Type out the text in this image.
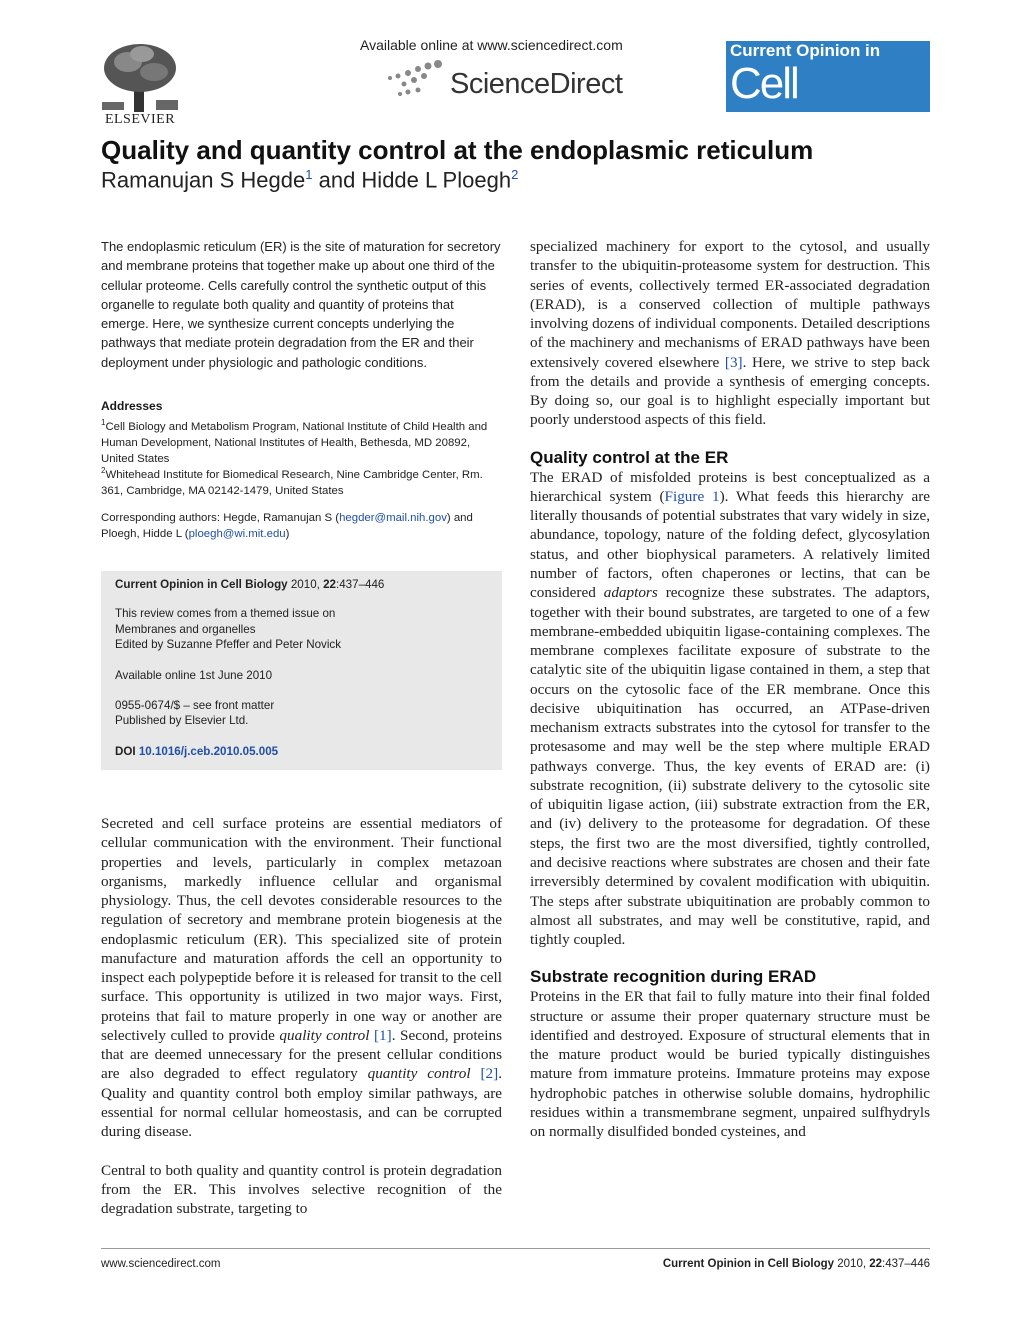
ELSEVIER
Available online at www.sciencedirect.com
ScienceDirect
Current Opinion in
Cell Biology
Quality and quantity control at the endoplasmic reticulum
Ramanujan S Hegde$^1$ and Hidde L Ploegh$^2$
The endoplasmic reticulum (ER) is the site of maturation for secretory and membrane proteins that together make up about one third of the cellular proteome. Cells carefully control the synthetic output of this organelle to regulate both quality and quantity of proteins that emerge. Here, we synthesize current concepts underlying the pathways that mediate protein degradation from the ER and their deployment under physiologic and pathologic conditions.
Addresses
$^1$Cell Biology and Metabolism Program, National Institute of Child Health and Human Development, National Institutes of Health, Bethesda, MD 20892, United States
$^2$Whitehead Institute for Biomedical Research, Nine Cambridge Center, Rm. 361, Cambridge, MA 02142-1479, United States
Corresponding authors: Hegde, Ramanujan S (hegder@mail.nih.gov) and Ploegh, Hidde L (ploegh@wi.mit.edu)
Current Opinion in Cell Biology 2010, 22:437–446
This review comes from a themed issue on
Membranes and organelles
Edited by Suzanne Pfeffer and Peter Novick
Available online 1st June 2010
0955-0674/$ – see front matter
Published by Elsevier Ltd.
DOI 10.1016/j.ceb.2010.05.005

Secreted and cell surface proteins are essential mediators of cellular communication with the environment. Their functional properties and levels, particularly in complex metazoan organisms, markedly influence cellular and organismal physiology. Thus, the cell devotes considerable resources to the regulation of secretory and membrane protein biogenesis at the endoplasmic reticulum (ER). This specialized site of protein manufacture and maturation affords the cell an opportunity to inspect each polypeptide before it is released for transit to the cell surface. This opportunity is utilized in two major ways. First, proteins that fail to mature properly in one way or another are selectively culled to provide quality control [1]. Second, proteins that are deemed unnecessary for the present cellular conditions are also degraded to effect regulatory quantity control [2]. Quality and quantity control both employ similar pathways, are essential for normal cellular homeostasis, and can be corrupted during disease.

Central to both quality and quantity control is protein degradation from the ER. This involves selective recognition of the degradation substrate, targeting to

specialized machinery for export to the cytosol, and usually transfer to the ubiquitin-proteasome system for destruction. This series of events, collectively termed ER-associated degradation (ERAD), is a conserved collection of multiple pathways involving dozens of individual components. Detailed descriptions of the machinery and mechanisms of ERAD pathways have been extensively covered elsewhere [3]. Here, we strive to step back from the details and provide a synthesis of emerging concepts. By doing so, our goal is to highlight especially important but poorly understood aspects of this field.

Quality control at the ER

The ERAD of misfolded proteins is best conceptualized as a hierarchical system (Figure 1). What feeds this hierarchy are literally thousands of potential substrates that vary widely in size, abundance, topology, nature of the folding defect, glycosylation status, and other biophysical parameters. A relatively limited number of factors, often chaperones or lectins, that can be considered adaptors recognize these substrates. The adaptors, together with their bound substrates, are targeted to one of a few membrane-embedded ubiquitin ligase-containing complexes. The membrane complexes facilitate exposure of substrate to the catalytic site of the ubiquitin ligase contained in them, a step that occurs on the cytosolic face of the ER membrane. Once this decisive ubiquitination has occurred, an ATPase-driven mechanism extracts substrates into the cytosol for transfer to the protesasome and may well be the step where multiple ERAD pathways converge. Thus, the key events of ERAD are: (i) substrate recognition, (ii) substrate delivery to the cytosolic site of ubiquitin ligase action, (iii) substrate extraction from the ER, and (iv) delivery to the proteasome for degradation. Of these steps, the first two are the most diversified, tightly controlled, and decisive reactions where substrates are chosen and their fate irreversibly determined by covalent modification with ubiquitin. The steps after substrate ubiquitination are probably common to almost all substrates, and may well be constitutive, rapid, and tightly coupled.

Substrate recognition during ERAD

Proteins in the ER that fail to fully mature into their final folded structure or assume their proper quaternary structure must be identified and destroyed. Exposure of structural elements that in the mature product would be buried typically distinguishes mature from immature proteins. Immature proteins may expose hydrophobic patches in otherwise soluble domains, hydrophilic residues within a transmembrane segment, unpaired sulfhydryls on normally disulfided bonded cysteines, and

www.sciencedirect.com	Current Opinion in Cell Biology 2010, 22:437–446
